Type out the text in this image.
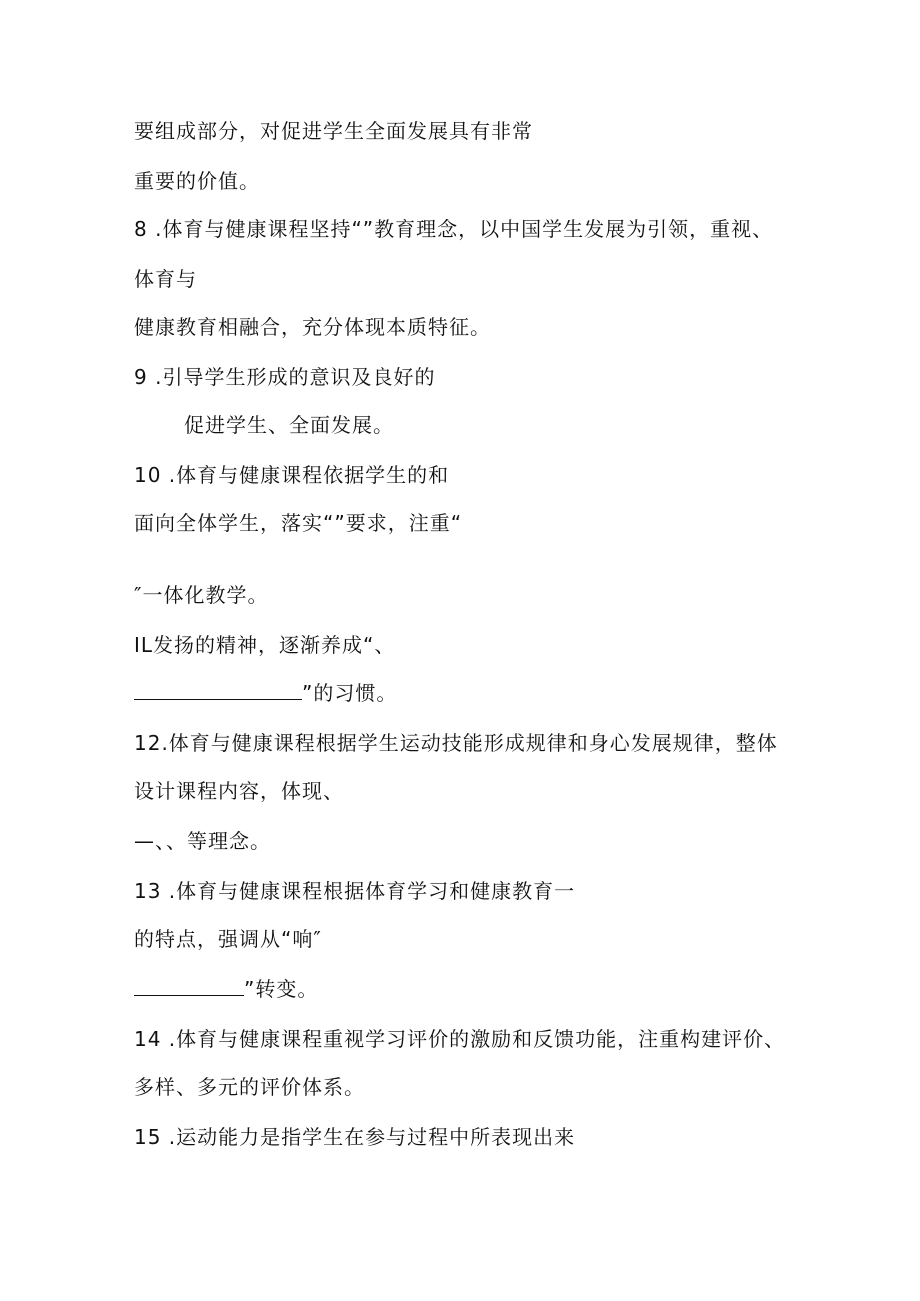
要组成部分，对促进学生全面发展具有非常
重要的价值。
8 .体育与健康课程坚持“”教育理念，以中国学生发展为引领，重视、
体育与
健康教育相融合，充分体现本质特征。
9 .引导学生形成的意识及良好的
促进学生、全面发展。
10 .体育与健康课程依据学生的和
面向全体学生，落实“”要求，注重“
″一体化教学。
IL发扬的精神，逐渐养成“、
”的习惯。
12.体育与健康课程根据学生运动技能形成规律和身心发展规律，整体
设计课程内容，体现、
—、、等理念。
13 .体育与健康课程根据体育学习和健康教育一
的特点，强调从“响″
”转变。
14 .体育与健康课程重视学习评价的激励和反馈功能，注重构建评价、
多样、多元的评价体系。
15 .运动能力是指学生在参与过程中所表现出来
